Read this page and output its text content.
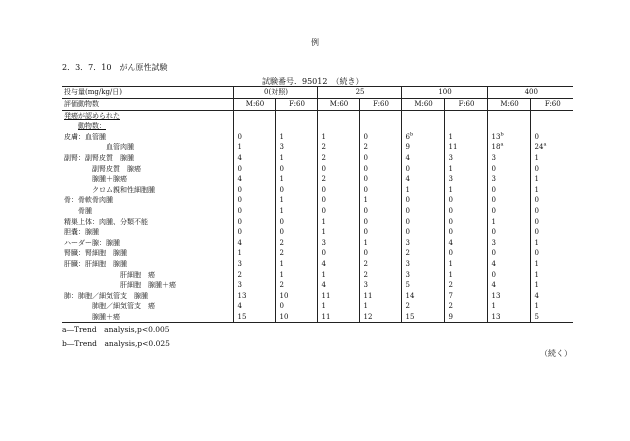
例
2．3．7．10　がん原性試験
試験番号．95012　（続き）
投与量(mg/kg/日)	0(対照)		25		100		400	
評価動物数	M:60	F:60	M:60	F:60	M:60	F:60	M:60	F:60
発癌が認められた								
動物数：								
皮膚：血管腫	0	1	1	0	6$^b$	1	13$^b$	0
血管肉腫	1	3	2	2	9	11	18$^a$	24$^a$
副腎：副腎皮質　腺腫	4	1	2	0	4	3	3	1
副腎皮質　腺癌	0	0	0	0	0	1	0	0
腺腫＋腺癌	4	1	2	0	4	3	3	1
クロム親和性細胞腫	0	0	0	0	1	1	0	1
骨：骨軟骨肉腫	0	1	0	1	0	0	0	0
骨腫	0	1	0	0	0	0	0	0
精巣上体：肉腫、分類不能	0	0	1	0	0	0	1	0
胆嚢：腺腫	0	0	1	0	0	0	0	0
ハーダー腺：腺腫	4	2	3	1	3	4	3	1
腎臓：腎細胞　腺腫	1	2	0	0	2	0	0	0
肝臓：肝細胞　腺腫	3	1	4	2	3	1	4	1
肝細胞　癌	2	1	1	2	3	1	0	1
肝細胞　腺腫＋癌	3	2	4	3	5	2	4	1
肺：肺胞／細気管支　腺腫	13	10	11	11	14	7	13	4
肺胞／細気管支　癌	4	0	1	1	2	2	1	1
腺腫＋癌	15	10	11	12	15	9	13	5
a―Trend　analysis,p<0.005
b―Trend　analysis,p<0.025
（続く）
